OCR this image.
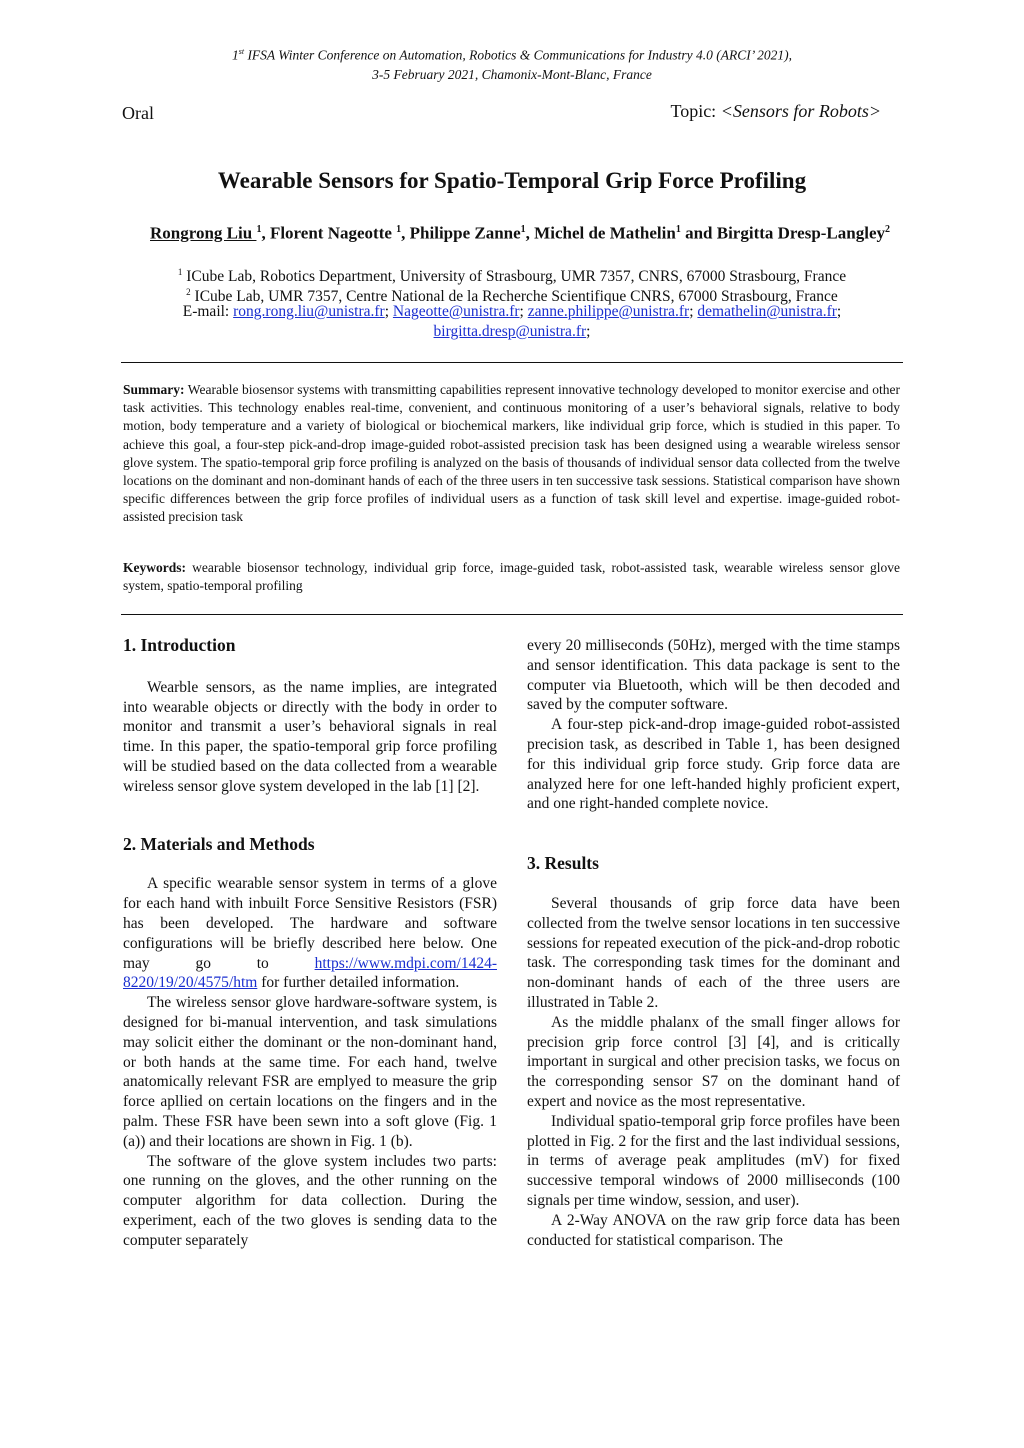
1st IFSA Winter Conference on Automation, Robotics & Communications for Industry 4.0 (ARCI’ 2021),
3-5 February 2021, Chamonix-Mont-Blanc, France
Oral	Topic: <Sensors for Robots>
Wearable Sensors for Spatio-Temporal Grip Force Profiling
Rongrong Liu $^1$, Florent Nageotte $^1$, Philippe Zanne$^1$, Michel de Mathelin$^1$ and Birgitta Dresp-Langley$^2$
$^1$ ICube Lab, Robotics Department, University of Strasbourg, UMR 7357, CNRS, 67000 Strasbourg, France
$^2$ ICube Lab, UMR 7357, Centre National de la Recherche Scientifique CNRS, 67000 Strasbourg, France
E-mail: rong.rong.liu@unistra.fr; Nageotte@unistra.fr; zanne.philippe@unistra.fr; demathelin@unistra.fr;
birgitta.dresp@unistra.fr;
Summary: Wearable biosensor systems with transmitting capabilities represent innovative technology developed to monitor exercise and other task activities. This technology enables real-time, convenient, and continuous monitoring of a user’s behavioral signals, relative to body motion, body temperature and a variety of biological or biochemical markers, like individual grip force, which is studied in this paper. To achieve this goal, a four-step pick-and-drop image-guided robot-assisted precision task has been designed using a wearable wireless sensor glove system. The spatio-temporal grip force profiling is analyzed on the basis of thousands of individual sensor data collected from the twelve locations on the dominant and non-dominant hands of each of the three users in ten successive task sessions. Statistical comparison have shown specific differences between the grip force profiles of individual users as a function of task skill level and expertise. image-guided robot-assisted precision task
Keywords: wearable biosensor technology, individual grip force, image-guided task, robot-assisted task, wearable wireless sensor glove system, spatio-temporal profiling
1. Introduction

Wearble sensors, as the name implies, are integrated into wearable objects or directly with the body in order to monitor and transmit a user’s behavioral signals in real time. In this paper, the spatio-temporal grip force profiling will be studied based on the data collected from a wearable wireless sensor glove system developed in the lab [1] [2].

2. Materials and Methods

A specific wearable sensor system in terms of a glove for each hand with inbuilt Force Sensitive Resistors (FSR) has been developed. The hardware and software configurations will be briefly described here below. One may go to https://www.mdpi.com/1424-8220/19/20/4575/htm for further detailed information.

The wireless sensor glove hardware-software system, is designed for bi-manual intervention, and task simulations may solicit either the dominant or the non-dominant hand, or both hands at the same time. For each hand, twelve anatomically relevant FSR are emplyed to measure the grip force apllied on certain locations on the fingers and in the palm. These FSR have been sewn into a soft glove (Fig. 1 (a)) and their locations are shown in Fig. 1 (b).

The software of the glove system includes two parts: one running on the gloves, and the other running on the computer algorithm for data collection. During the experiment, each of the two gloves is sending data to the computer separately

every 20 milliseconds (50Hz), merged with the time stamps and sensor identification. This data package is sent to the computer via Bluetooth, which will be then decoded and saved by the computer software.

A four-step pick-and-drop image-guided robot-assisted precision task, as described in Table 1, has been designed for this individual grip force study. Grip force data are analyzed here for one left-handed highly proficient expert, and one right-handed complete novice.

3. Results

Several thousands of grip force data have been collected from the twelve sensor locations in ten successive sessions for repeated execution of the pick-and-drop robotic task. The corresponding task times for the dominant and non-dominant hands of each of the three users are illustrated in Table 2.

As the middle phalanx of the small finger allows for precision grip force control [3] [4], and is critically important in surgical and other precision tasks, we focus on the corresponding sensor S7 on the dominant hand of expert and novice as the most representative.

Individual spatio-temporal grip force profiles have been plotted in Fig. 2 for the first and the last individual sessions, in terms of average peak amplitudes (mV) for fixed successive temporal windows of 2000 milliseconds (100 signals per time window, session, and user).

A 2-Way ANOVA on the raw grip force data has been conducted for statistical comparison. The
